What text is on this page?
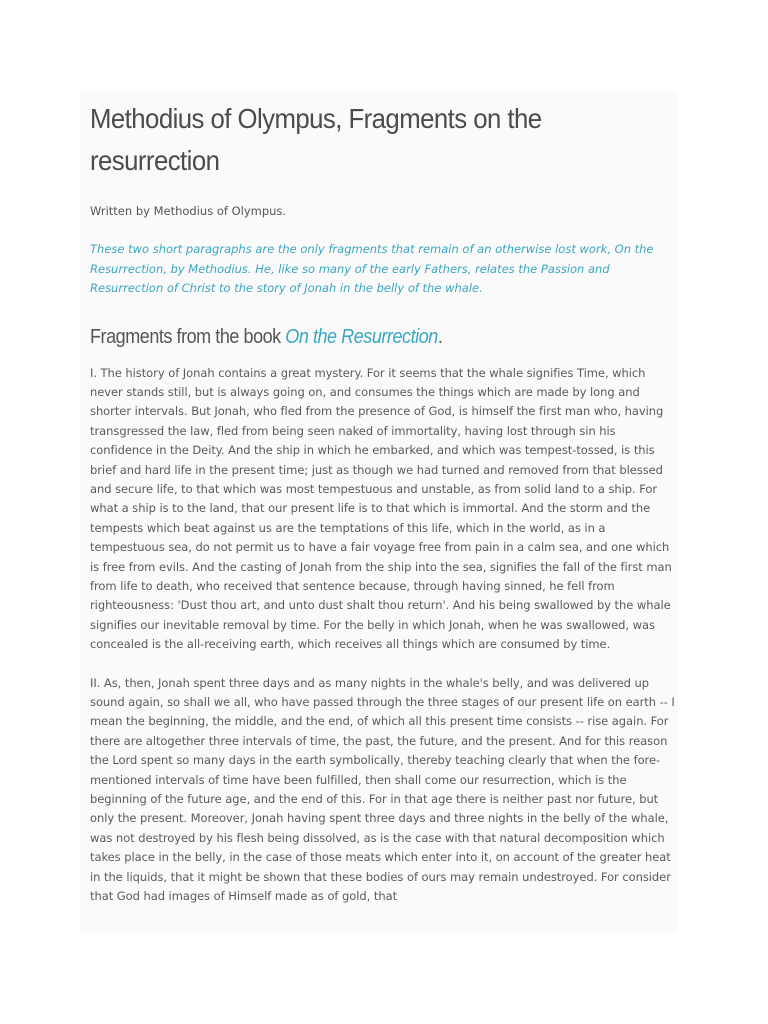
Methodius of Olympus, Fragments on the resurrection

Written by Methodius of Olympus.

These two short paragraphs are the only fragments that remain of an otherwise lost work, On the Resurrection, by Methodius. He, like so many of the early Fathers, relates the Passion and Resurrection of Christ to the story of Jonah in the belly of the whale.

Fragments from the book On the Resurrection.

I. The history of Jonah contains a great mystery. For it seems that the whale signifies Time, which never stands still, but is always going on, and consumes the things which are made by long and shorter intervals. But Jonah, who fled from the presence of God, is himself the first man who, having transgressed the law, fled from being seen naked of immortality, having lost through sin his confidence in the Deity. And the ship in which he embarked, and which was tempest-tossed, is this brief and hard life in the present time; just as though we had turned and removed from that blessed and secure life, to that which was most tempestuous and unstable, as from solid land to a ship. For what a ship is to the land, that our present life is to that which is immortal. And the storm and the tempests which beat against us are the temptations of this life, which in the world, as in a tempestuous sea, do not permit us to have a fair voyage free from pain in a calm sea, and one which is free from evils. And the casting of Jonah from the ship into the sea, signifies the fall of the first man from life to death, who received that sentence because, through having sinned, he fell from righteousness: 'Dust thou art, and unto dust shalt thou return'. And his being swallowed by the whale signifies our inevitable removal by time. For the belly in which Jonah, when he was swallowed, was concealed is the all-receiving earth, which receives all things which are consumed by time.

II. As, then, Jonah spent three days and as many nights in the whale's belly, and was delivered up sound again, so shall we all, who have passed through the three stages of our present life on earth -- I mean the beginning, the middle, and the end, of which all this present time consists -- rise again. For there are altogether three intervals of time, the past, the future, and the present. And for this reason the Lord spent so many days in the earth symbolically, thereby teaching clearly that when the fore-mentioned intervals of time have been fulfilled, then shall come our resurrection, which is the beginning of the future age, and the end of this. For in that age there is neither past nor future, but only the present. Moreover, Jonah having spent three days and three nights in the belly of the whale, was not destroyed by his flesh being dissolved, as is the case with that natural decomposition which takes place in the belly, in the case of those meats which enter into it, on account of the greater heat in the liquids, that it might be shown that these bodies of ours may remain undestroyed. For consider that God had images of Himself made as of gold, that
